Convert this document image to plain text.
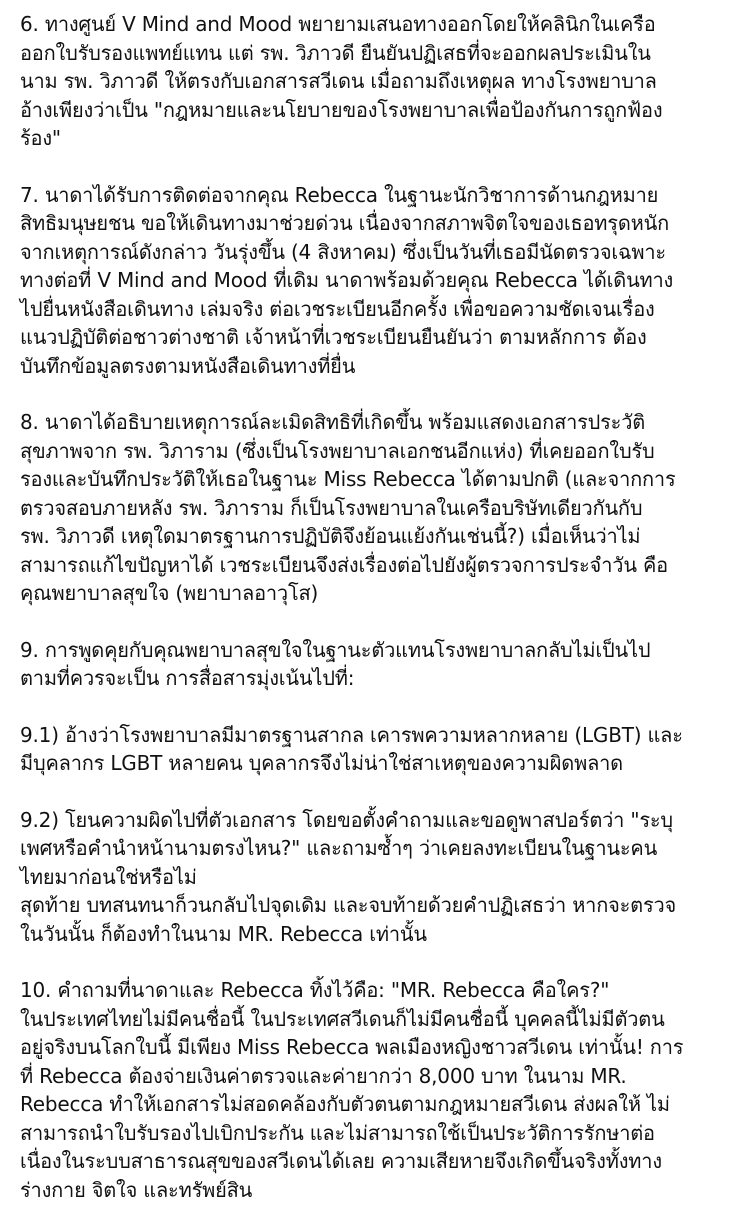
6. ทางศูนย์ V Mind and Mood พยายามเสนอทางออกโดยให้คลินิกในเครือ
ออกใบรับรองแพทย์แทน แต่ รพ. วิภาวดี ยืนยันปฏิเสธที่จะออกผลประเมินใน
นาม รพ. วิภาวดี ให้ตรงกับเอกสารสวีเดน เมื่อถามถึงเหตุผล ทางโรงพยาบาล
อ้างเพียงว่าเป็น "กฎหมายและนโยบายของโรงพยาบาลเพื่อป้องกันการถูกฟ้อง
ร้อง"
7. นาดาได้รับการติดต่อจากคุณ Rebecca ในฐานะนักวิชาการด้านกฎหมาย
สิทธิมนุษยชน ขอให้เดินทางมาช่วยด่วน เนื่องจากสภาพจิตใจของเธอทรุดหนัก
จากเหตุการณ์ดังกล่าว วันรุ่งขึ้น (4 สิงหาคม) ซึ่งเป็นวันที่เธอมีนัดตรวจเฉพาะ
ทางต่อที่ V Mind and Mood ที่เดิม นาดาพร้อมด้วยคุณ Rebecca ได้เดินทาง
ไปยื่นหนังสือเดินทาง เล่มจริง ต่อเวชระเบียนอีกครั้ง เพื่อขอความชัดเจนเรื่อง
แนวปฏิบัติต่อชาวต่างชาติ เจ้าหน้าที่เวชระเบียนยืนยันว่า ตามหลักการ ต้อง
บันทึกข้อมูลตรงตามหนังสือเดินทางที่ยื่น
8. นาดาได้อธิบายเหตุการณ์ละเมิดสิทธิที่เกิดขึ้น พร้อมแสดงเอกสารประวัติ
สุขภาพจาก รพ. วิภาราม (ซึ่งเป็นโรงพยาบาลเอกชนอีกแห่ง) ที่เคยออกใบรับ
รองและบันทึกประวัติให้เธอในฐานะ Miss Rebecca ได้ตามปกติ (และจากการ
ตรวจสอบภายหลัง รพ. วิภาราม ก็เป็นโรงพยาบาลในเครือบริษัทเดียวกันกับ
รพ. วิภาวดี เหตุใดมาตรฐานการปฏิบัติจึงย้อนแย้งกันเช่นนี้?) เมื่อเห็นว่าไม่
สามารถแก้ไขปัญหาได้ เวชระเบียนจึงส่งเรื่องต่อไปยังผู้ตรวจการประจำวัน คือ
คุณพยาบาลสุขใจ (พยาบาลอาวุโส)
9. การพูดคุยกับคุณพยาบาลสุขใจในฐานะตัวแทนโรงพยาบาลกลับไม่เป็นไป
ตามที่ควรจะเป็น การสื่อสารมุ่งเน้นไปที่:
9.1) อ้างว่าโรงพยาบาลมีมาตรฐานสากล เคารพความหลากหลาย (LGBT) และ
มีบุคลากร LGBT หลายคน บุคลากรจึงไม่น่าใช่สาเหตุของความผิดพลาด
9.2) โยนความผิดไปที่ตัวเอกสาร โดยขอตั้งคำถามและขอดูพาสปอร์ตว่า "ระบุ
เพศหรือคำนำหน้านามตรงไหน?" และถามซ้ำๆ ว่าเคยลงทะเบียนในฐานะคน
ไทยมาก่อนใช่หรือไม่
สุดท้าย บทสนทนาก็วนกลับไปจุดเดิม และจบท้ายด้วยคำปฏิเสธว่า หากจะตรวจ
ในวันนั้น ก็ต้องทำในนาม MR. Rebecca เท่านั้น
10. คำถามที่นาดาและ Rebecca ทิ้งไว้คือ: "MR. Rebecca คือใคร?"
ในประเทศไทยไม่มีคนชื่อนี้ ในประเทศสวีเดนก็ไม่มีคนชื่อนี้ บุคคลนี้ไม่มีตัวตน
อยู่จริงบนโลกใบนี้ มีเพียง Miss Rebecca พลเมืองหญิงชาวสวีเดน เท่านั้น! การ
ที่ Rebecca ต้องจ่ายเงินค่าตรวจและค่ายากว่า 8,000 บาท ในนาม MR.
Rebecca ทำให้เอกสารไม่สอดคล้องกับตัวตนตามกฎหมายสวีเดน ส่งผลให้ ไม่
สามารถนำใบรับรองไปเบิกประกัน และไม่สามารถใช้เป็นประวัติการรักษาต่อ
เนื่องในระบบสาธารณสุขของสวีเดนได้เลย ความเสียหายจึงเกิดขึ้นจริงทั้งทาง
ร่างกาย จิตใจ และทรัพย์สิน
